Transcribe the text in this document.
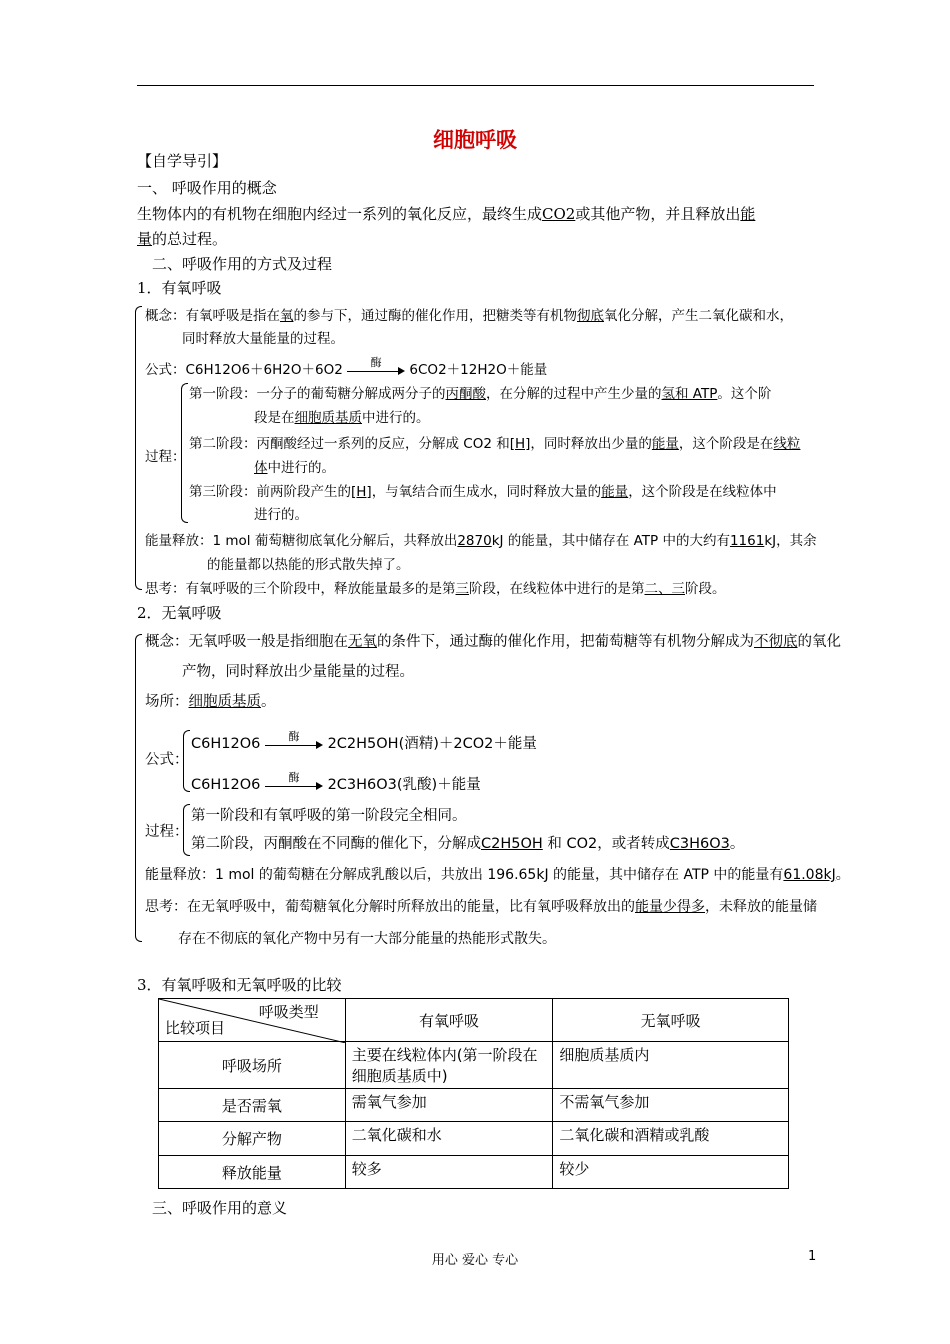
细胞呼吸
【自学导引】
一、 呼吸作用的概念
生物体内的有机物在细胞内经过一系列的氧化反应，最终生成CO2或其他产物，并且释放出能
量的总过程。
二、呼吸作用的方式及过程
1．有氧呼吸
概念：有氧呼吸是指在氧的参与下，通过酶的催化作用，把糖类等有机物彻底氧化分解，产生二氧化碳和水，
同时释放大量能量的过程。
公式：C6H12O6＋6H2O＋6O2	酶	6CO2＋12H2O＋能量
过程：
第一阶段：一分子的葡萄糖分解成两分子的丙酮酸，在分解的过程中产生少量的氢和 ATP。这个阶
段是在细胞质基质中进行的。
第二阶段：丙酮酸经过一系列的反应，分解成 CO2 和[H]，同时释放出少量的能量，这个阶段是在线粒
体中进行的。
第三阶段：前两阶段产生的[H]，与氧结合而生成水，同时释放大量的能量，这个阶段是在线粒体中
进行的。
能量释放：1 mol 葡萄糖彻底氧化分解后，共释放出2870kJ 的能量，其中储存在 ATP 中的大约有1161kJ，其余
的能量都以热能的形式散失掉了。
思考：有氧呼吸的三个阶段中，释放能量最多的是第三阶段，在线粒体中进行的是第二、三阶段。
2．无氧呼吸
概念：无氧呼吸一般是指细胞在无氧的条件下，通过酶的催化作用，把葡萄糖等有机物分解成为不彻底的氧化
产物，同时释放出少量能量的过程。
场所：细胞质基质。
公式：
C6H12O6	酶	2C2H5OH(酒精)＋2CO2＋能量
C6H12O6	酶	2C3H6O3(乳酸)＋能量
过程：
第一阶段和有氧呼吸的第一阶段完全相同。
第二阶段，丙酮酸在不同酶的催化下，分解成C2H5OH 和 CO2，或者转成C3H6O3。
能量释放：1 mol 的葡萄糖在分解成乳酸以后，共放出 196.65kJ 的能量，其中储存在 ATP 中的能量有61.08kJ。
思考：在无氧呼吸中，葡萄糖氧化分解时所释放出的能量，比有氧呼吸释放出的能量少得多，未释放的能量储
存在不彻底的氧化产物中另有一大部分能量的热能形式散失。
3．有氧呼吸和无氧呼吸的比较
呼吸类型
比较项目	有氧呼吸	无氧呼吸
呼吸场所	主要在线粒体内(第一阶段在细胞质基质中)	细胞质基质内
是否需氧	需氧气参加	不需氧气参加
分解产物	二氧化碳和水	二氧化碳和酒精或乳酸
释放能量	较多	较少
三、呼吸作用的意义
用心 爱心 专心	1
